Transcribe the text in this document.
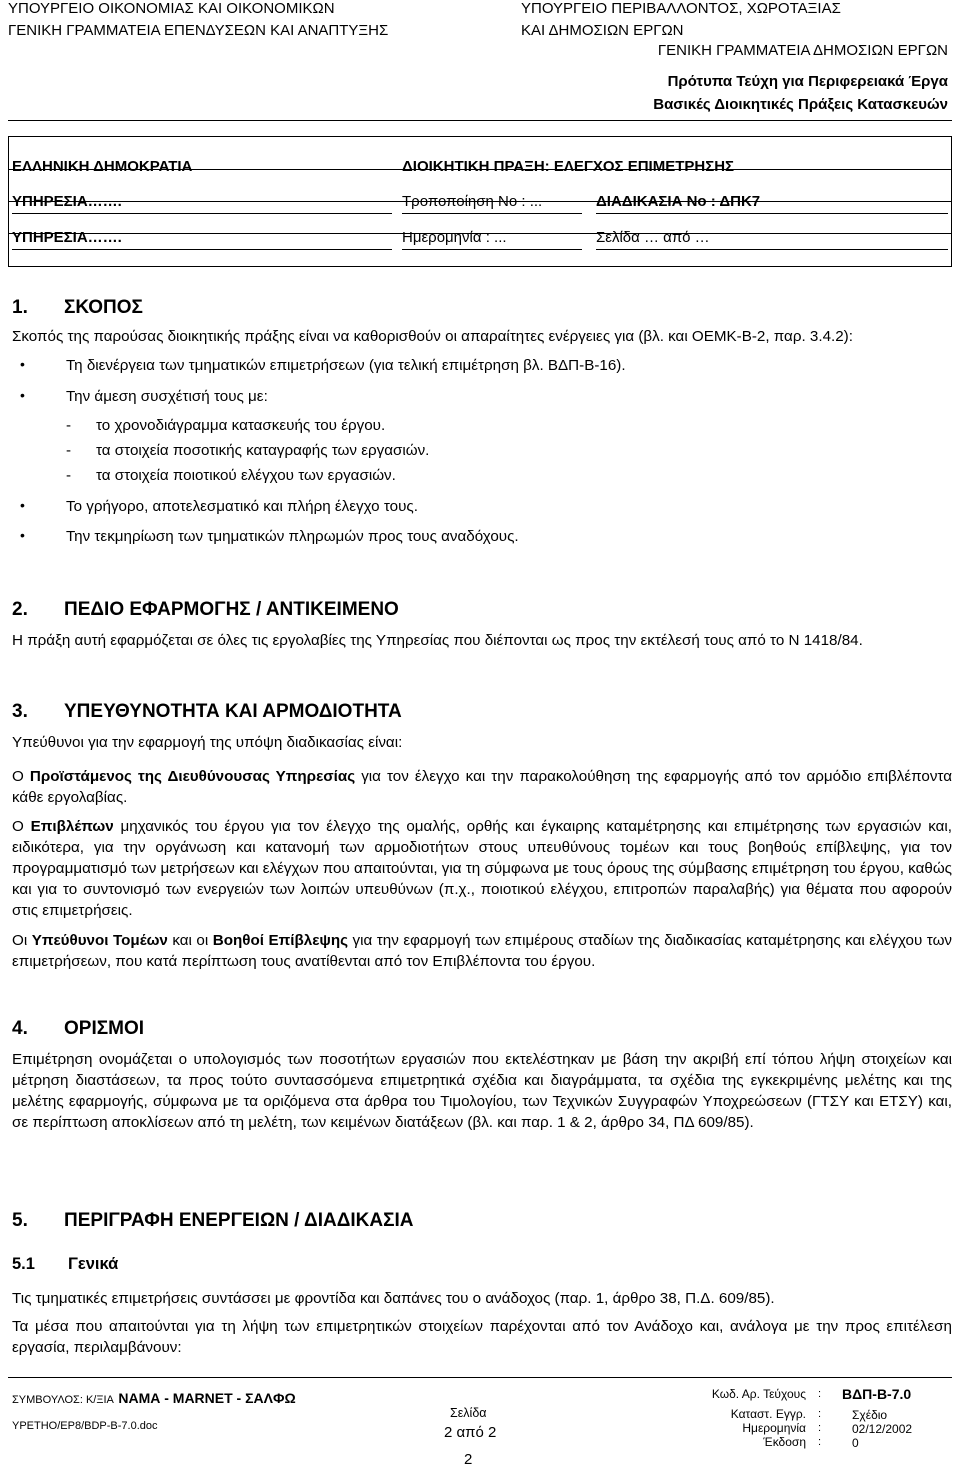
ΥΠΟΥΡΓΕΙΟ ΟΙΚΟΝΟΜΙΑΣ ΚΑΙ ΟΙΚΟΝΟΜΙΚΩΝ
ΓΕΝΙΚΗ ΓΡΑΜΜΑΤΕΙΑ ΕΠΕΝΔΥΣΕΩΝ ΚΑΙ ΑΝΑΠΤΥΞΗΣ
ΥΠΟΥΡΓΕΙΟ ΠΕΡΙΒΑΛΛΟΝΤΟΣ, ΧΩΡΟΤΑΞΙΑΣ
ΚΑΙ ΔΗΜΟΣΙΩΝ ΕΡΓΩΝ
ΓΕΝΙΚΗ ΓΡΑΜΜΑΤΕΙΑ ΔΗΜΟΣΙΩΝ ΕΡΓΩΝ
Πρότυπα Τεύχη για Περιφερειακά Έργα
Βασικές Διοικητικές Πράξεις Κατασκευών
ΕΛΛΗΝΙΚΗ ΔΗΜΟΚΡΑΤΙΑ	ΔΙΟΙΚΗΤΙΚΗ ΠΡΑΞΗ: ΕΛΕΓΧΟΣ ΕΠΙΜΕΤΡΗΣΗΣ
ΥΠΗΡΕΣΙΑ…….	Τροποποίηση Νο : ...	ΔΙΑΔΙΚΑΣΙΑ Νο : ΔΠΚ7
ΥΠΗΡΕΣΙΑ…….	Ημερομηνία : ...	Σελίδα … από …
1. ΣΚΟΠΟΣ
Σκοπός της παρούσας διοικητικής πράξης είναι να καθορισθούν οι απαραίτητες ενέργειες για (βλ. και ΟΕΜΚ-Β-2, παρ. 3.4.2):
•	Τη διενέργεια των τμηματικών επιμετρήσεων (για τελική επιμέτρηση βλ. ΒΔΠ-Β-16).
•	Την άμεση συσχέτισή τους με:
- το χρονοδιάγραμμα κατασκευής του έργου.
- τα στοιχεία ποσοτικής καταγραφής των εργασιών.
- τα στοιχεία ποιοτικού ελέγχου των εργασιών.
•	Το γρήγορο, αποτελεσματικό και πλήρη έλεγχο τους.
•	Την τεκμηρίωση των τμηματικών πληρωμών προς τους αναδόχους.
2. ΠΕΔΙΟ ΕΦΑΡΜΟΓΗΣ / ΑΝΤΙΚΕΙΜΕΝΟ
Η πράξη αυτή εφαρμόζεται σε όλες τις εργολαβίες της Υπηρεσίας που διέπονται ως προς την εκτέλεσή τους από το Ν 1418/84.
3. ΥΠΕΥΘΥΝΟΤΗΤΑ ΚΑΙ ΑΡΜΟΔΙΟΤΗΤΑ
Υπεύθυνοι για την εφαρμογή της υπόψη διαδικασίας είναι:
Ο Προϊστάμενος της Διευθύνουσας Υπηρεσίας για τον έλεγχο και την παρακολούθηση της εφαρμογής από τον αρμόδιο επιβλέποντα κάθε εργολαβίας.
Ο Επιβλέπων μηχανικός του έργου για τον έλεγχο της ομαλής, ορθής και έγκαιρης καταμέτρησης και επιμέτρησης των εργασιών και, ειδικότερα, για την οργάνωση και κατανομή των αρμοδιοτήτων στους υπευθύνους τομέων και τους βοηθούς επίβλεψης, για τον προγραμματισμό των μετρήσεων και ελέγχων που απαιτούνται, για τη σύμφωνα με τους όρους της σύμβασης επιμέτρηση του έργου, καθώς και για το συντονισμό των ενεργειών των λοιπών υπευθύνων (π.χ., ποιοτικού ελέγχου, επιτροπών παραλαβής) για θέματα που αφορούν στις επιμετρήσεις.
Οι Υπεύθυνοι Τομέων και οι Βοηθοί Επίβλεψης για την εφαρμογή των επιμέρους σταδίων της διαδικασίας καταμέτρησης και ελέγχου των επιμετρήσεων, που κατά περίπτωση τους ανατίθενται από τον Επιβλέποντα του έργου.
4. ΟΡΙΣΜΟΙ
Επιμέτρηση ονομάζεται ο υπολογισμός των ποσοτήτων εργασιών που εκτελέστηκαν με βάση την ακριβή επί τόπου λήψη στοιχείων και μέτρηση διαστάσεων, τα προς τούτο συντασσόμενα επιμετρητικά σχέδια και διαγράμματα, τα σχέδια της εγκεκριμένης μελέτης και της μελέτης εφαρμογής, σύμφωνα με τα οριζόμενα στα άρθρα του Τιμολογίου, των Τεχνικών Συγγραφών Υποχρεώσεων (ΓΤΣΥ και ΕΤΣΥ) και, σε περίπτωση αποκλίσεων από τη μελέτη, των κειμένων διατάξεων (βλ. και παρ. 1 & 2, άρθρο 34, ΠΔ 609/85).
5. ΠΕΡΙΓΡΑΦΗ ΕΝΕΡΓΕΙΩΝ / ΔΙΑΔΙΚΑΣΙΑ
5.1 Γενικά
Τις τμηματικές επιμετρήσεις συντάσσει με φροντίδα και δαπάνες του ο ανάδοχος (παρ. 1, άρθρο 38, Π.Δ. 609/85).
Τα μέσα που απαιτούνται για τη λήψη των επιμετρητικών στοιχείων παρέχονται από τον Ανάδοχο και, ανάλογα με την προς επιτέλεση εργασία, περιλαμβάνουν:
ΣΥΜΒΟΥΛΟΣ: Κ/ΞΙΑ ΝΑΜΑ - MARNET - ΣΑΛΦΩ
ΥΡΕΤΗΟ/ΕΡ8/BDP-B-7.0.doc
Σελίδα
2 από 2
2
Κωδ. Αρ. Τεύχους : ΒΔΠ-Β-7.0
Καταστ. Εγγρ. :	Σχέδιο
Ημερομηνία :	02/12/2002
Έκδοση :	0
